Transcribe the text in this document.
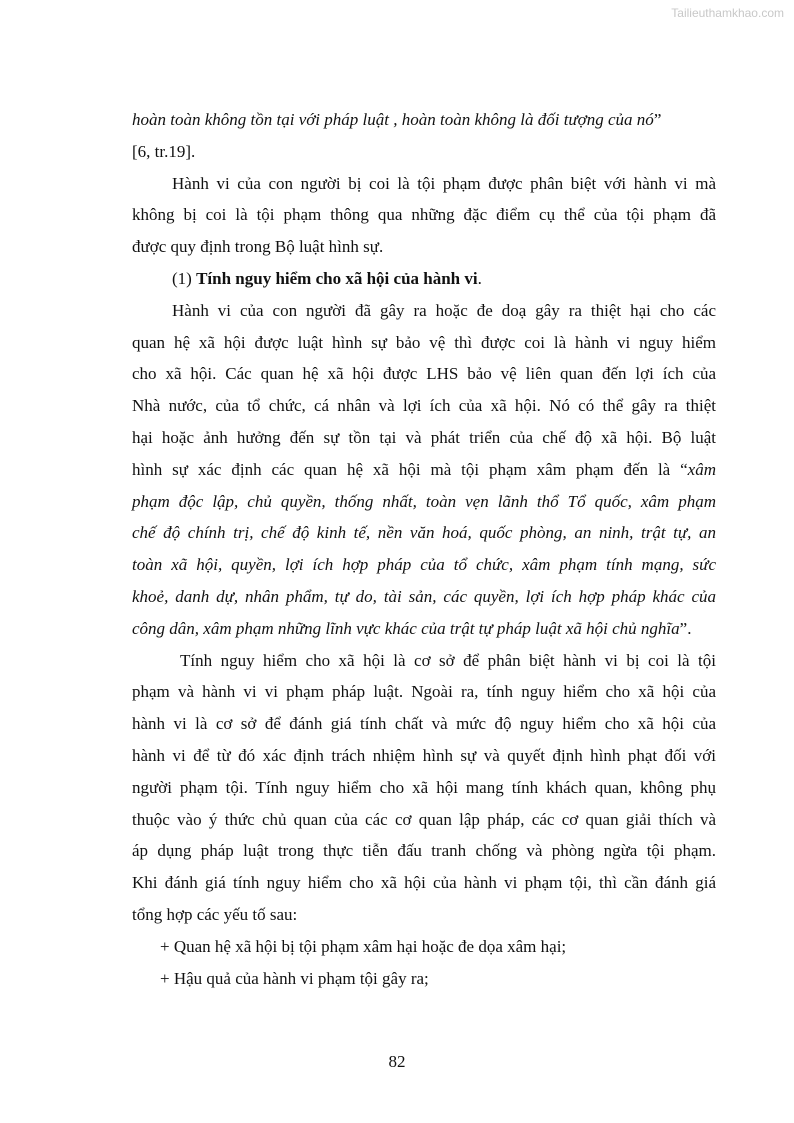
Tailieuthamkhao.com
hoàn toàn không tồn tại với pháp luật , hoàn toàn không là đối tượng của nó”
[6, tr.19].
Hành vi của con người bị coi là tội phạm được phân biệt với hành vi mà
không bị coi là tội phạm thông qua những đặc điểm cụ thể của tội phạm đã
được quy định trong Bộ luật hình sự.
(1) Tính nguy hiểm cho xã hội của hành vi.
Hành vi của con người đã gây ra hoặc đe doạ gây ra thiệt hại cho các
quan hệ xã hội được luật hình sự bảo vệ thì được coi là hành vi nguy hiểm
cho xã hội. Các quan hệ xã hội được LHS bảo vệ liên quan đến lợi ích của
Nhà nước, của tổ chức, cá nhân và lợi ích của xã hội. Nó có thể gây ra thiệt
hại hoặc ảnh hưởng đến sự tồn tại và phát triển của chế độ xã hội. Bộ luật
hình sự xác định các quan hệ xã hội mà tội phạm xâm phạm đến là “xâm
phạm độc lập, chủ quyền, thống nhất, toàn vẹn lãnh thổ Tổ quốc, xâm phạm
chế độ chính trị, chế độ kinh tế, nền văn hoá, quốc phòng, an ninh, trật tự, an
toàn xã hội, quyền, lợi ích hợp pháp của tổ chức, xâm phạm tính mạng, sức
khoẻ, danh dự, nhân phẩm, tự do, tài sản, các quyền, lợi ích hợp pháp khác của
công dân, xâm phạm những lĩnh vực khác của trật tự pháp luật xã hội chủ nghĩa”.
Tính nguy hiểm cho xã hội là cơ sở để phân biệt hành vi bị coi là tội
phạm và hành vi vi phạm pháp luật. Ngoài ra, tính nguy hiểm cho xã hội của
hành vi là cơ sở để đánh giá tính chất và mức độ nguy hiểm cho xã hội của
hành vi để từ đó xác định trách nhiệm hình sự và quyết định hình phạt đối với
người phạm tội. Tính nguy hiểm cho xã hội mang tính khách quan, không phụ
thuộc vào ý thức chủ quan của các cơ quan lập pháp, các cơ quan giải thích và
áp dụng pháp luật trong thực tiễn đấu tranh chống và phòng ngừa tội phạm.
Khi đánh giá tính nguy hiểm cho xã hội của hành vi phạm tội, thì cần đánh giá
tổng hợp các yếu tố sau:
+ Quan hệ xã hội bị tội phạm xâm hại hoặc đe dọa xâm hại;
+ Hậu quả của hành vi phạm tội gây ra;
82
